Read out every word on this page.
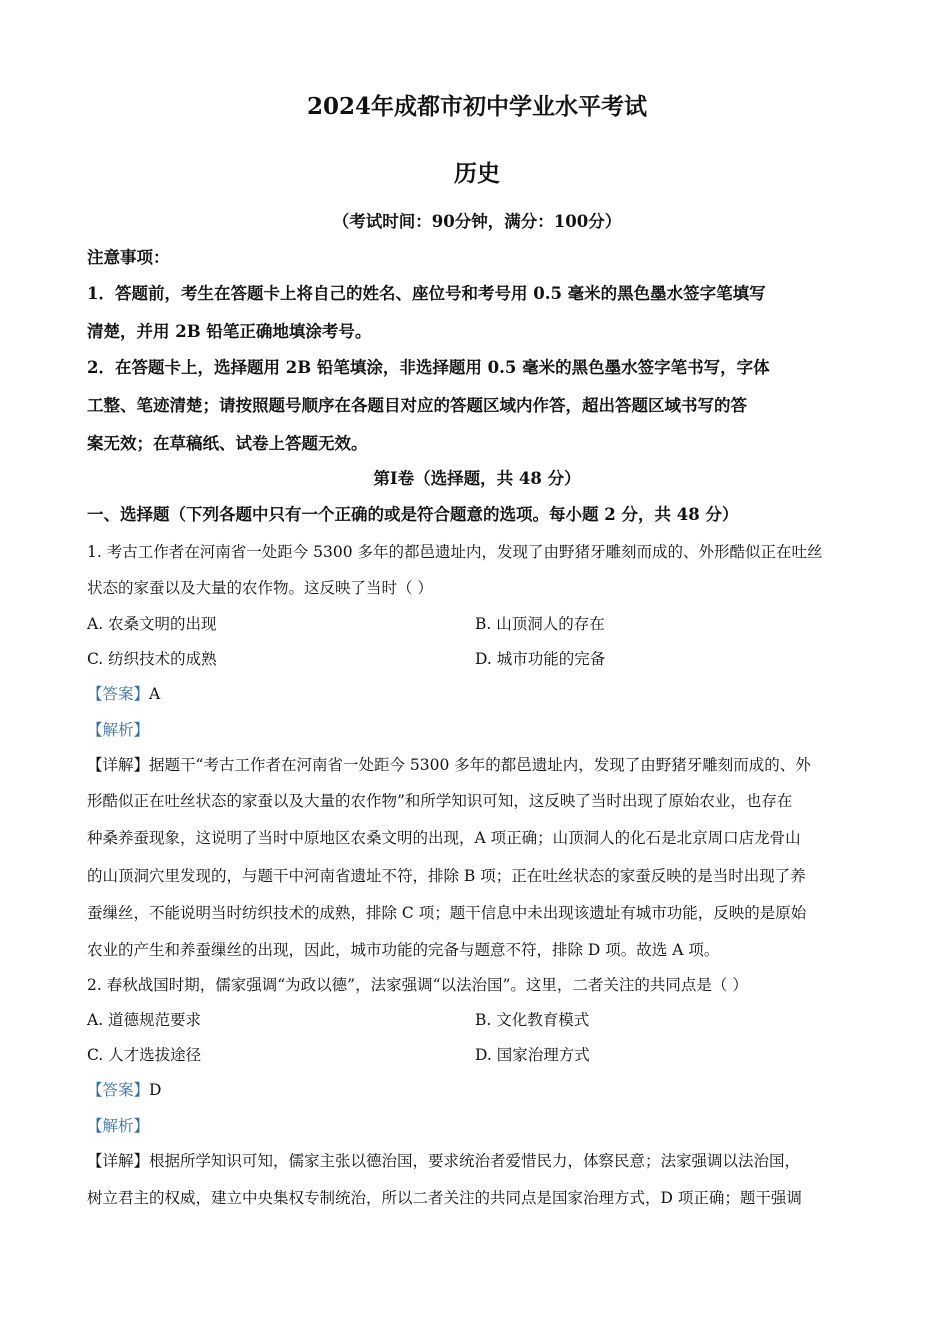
2024年成都市初中学业水平考试
历史
（考试时间：90分钟，满分：100分）
注意事项：
1．答题前，考生在答题卡上将自己的姓名、座位号和考号用 0.5 毫米的黑色墨水签字笔填写
清楚，并用 2B 铅笔正确地填涂考号。
2．在答题卡上，选择题用 2B 铅笔填涂，非选择题用 0.5 毫米的黑色墨水签字笔书写，字体
工整、笔迹清楚；请按照题号顺序在各题目对应的答题区域内作答，超出答题区域书写的答
案无效；在草稿纸、试卷上答题无效。
第Ⅰ卷（选择题，共 48 分）
一、选择题（下列各题中只有一个正确的或是符合题意的选项。每小题 2 分，共 48 分）
1. 考古工作者在河南省一处距今 5300 多年的都邑遗址内，发现了由野猪牙雕刻而成的、外形酷似正在吐丝
状态的家蚕以及大量的农作物。这反映了当时（ ）
A. 农桑文明的出现	B. 山顶洞人的存在
C. 纺织技术的成熟	D. 城市功能的完备
【答案】A
【解析】
【详解】据题干“考古工作者在河南省一处距今 5300 多年的都邑遗址内，发现了由野猪牙雕刻而成的、外
形酷似正在吐丝状态的家蚕以及大量的农作物”和所学知识可知，这反映了当时出现了原始农业，也存在
种桑养蚕现象，这说明了当时中原地区农桑文明的出现，A 项正确；山顶洞人的化石是北京周口店龙骨山
的山顶洞穴里发现的，与题干中河南省遗址不符，排除 B 项；正在吐丝状态的家蚕反映的是当时出现了养
蚕缫丝，不能说明当时纺织技术的成熟，排除 C 项；题干信息中未出现该遗址有城市功能，反映的是原始
农业的产生和养蚕缫丝的出现，因此，城市功能的完备与题意不符，排除 D 项。故选 A 项。
2. 春秋战国时期，儒家强调“为政以德”，法家强调“以法治国”。这里，二者关注的共同点是（ ）
A. 道德规范要求	B. 文化教育模式
C. 人才选拔途径	D. 国家治理方式
【答案】D
【解析】
【详解】根据所学知识可知，儒家主张以德治国，要求统治者爱惜民力，体察民意；法家强调以法治国，
树立君主的权威，建立中央集权专制统治，所以二者关注的共同点是国家治理方式，D 项正确；题干强调
